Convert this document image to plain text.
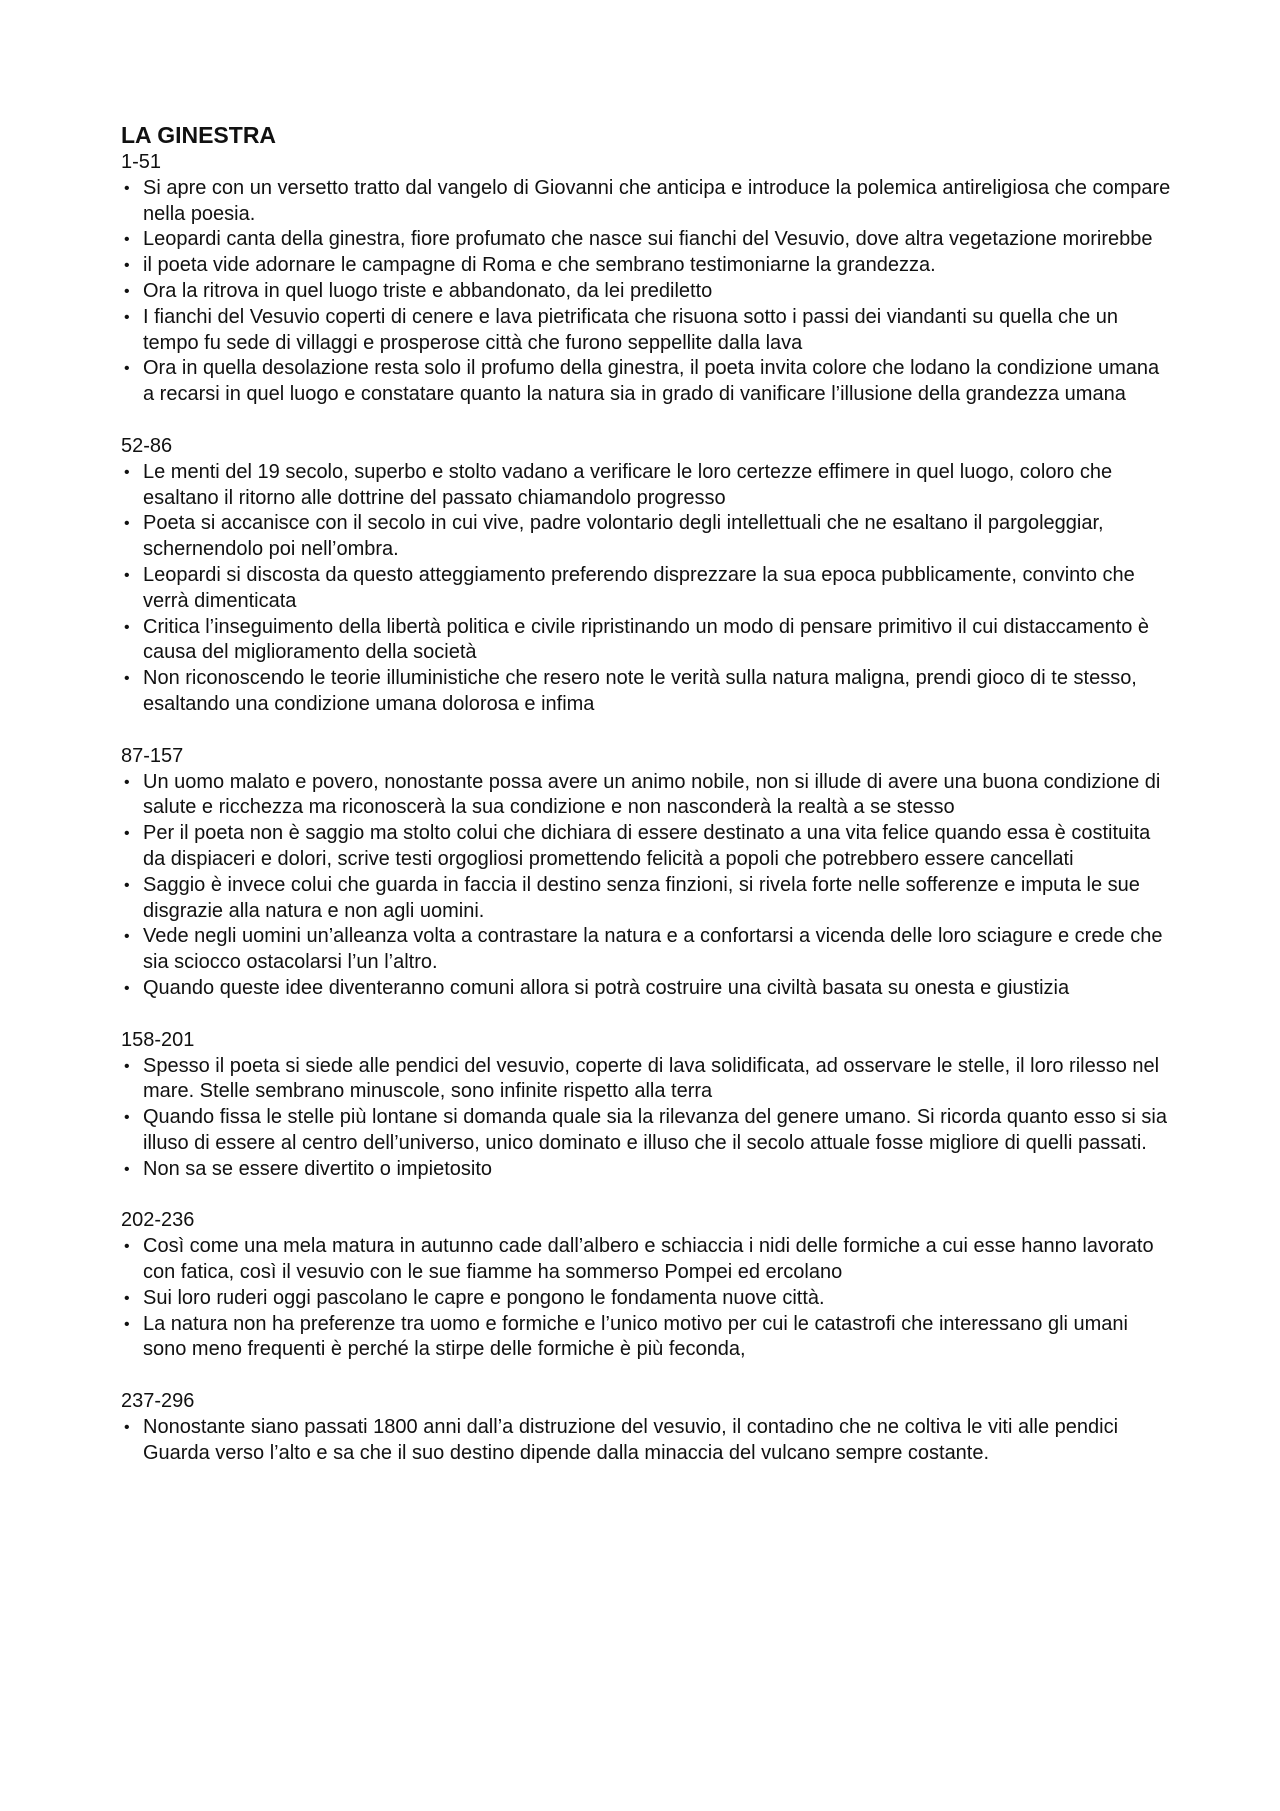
LA GINESTRA

1-51

• Si apre con un versetto tratto dal vangelo di Giovanni che anticipa e introduce la polemica antireligiosa che compare nella poesia.
• Leopardi canta della ginestra, fiore profumato che nasce sui fianchi del Vesuvio, dove altra vegetazione morirebbe
• il poeta vide adornare le campagne di Roma e che sembrano testimoniarne la grandezza.
• Ora la ritrova in quel luogo triste e abbandonato, da lei prediletto
• I fianchi del Vesuvio coperti di cenere e lava pietrificata che risuona sotto i passi dei viandanti su quella che un tempo fu sede di villaggi e prosperose città che furono seppellite dalla lava
• Ora in quella desolazione resta solo il profumo della ginestra, il poeta invita colore che lodano la condizione umana a recarsi in quel luogo e constatare quanto la natura sia in grado di vanificare l’illusione della grandezza umana

52-86

• Le menti del 19 secolo, superbo e stolto vadano a verificare le loro certezze effimere in quel luogo, coloro che esaltano il ritorno alle dottrine del passato chiamandolo progresso
• Poeta si accanisce con il secolo in cui vive, padre volontario degli intellettuali che ne esaltano il pargoleggiar, schernendolo poi nell’ombra.
• Leopardi si discosta da questo atteggiamento preferendo disprezzare la sua epoca pubblicamente, convinto che verrà dimenticata
• Critica l’inseguimento della libertà politica e civile ripristinando un modo di pensare primitivo il cui distaccamento è causa del miglioramento della società
• Non riconoscendo le teorie illuministiche che resero note le verità sulla natura maligna, prendi gioco di te stesso, esaltando una condizione umana dolorosa e infima

87-157

• Un uomo malato e povero, nonostante possa avere un animo nobile, non si illude di avere una buona condizione di salute e ricchezza ma riconoscerà la sua condizione e non nasconderà la realtà a se stesso
• Per il poeta non è saggio ma stolto colui che dichiara di essere destinato a una vita felice quando essa è costituita da dispiaceri e dolori, scrive testi orgogliosi promettendo felicità a popoli che potrebbero essere cancellati
• Saggio è invece colui che guarda in faccia il destino senza finzioni, si rivela forte nelle sofferenze e imputa le sue disgrazie alla natura e non agli uomini.
• Vede negli uomini un’alleanza volta a contrastare la natura e a confortarsi a vicenda delle loro sciagure e crede che sia sciocco ostacolarsi l’un l’altro.
• Quando queste idee diventeranno comuni allora si potrà costruire una civiltà basata su onesta e giustizia

158-201

• Spesso il poeta si siede alle pendici del vesuvio, coperte di lava solidificata, ad osservare le stelle, il loro rilesso nel mare. Stelle sembrano minuscole, sono infinite rispetto alla terra
• Quando fissa le stelle più lontane si domanda quale sia la rilevanza del genere umano. Si ricorda quanto esso si sia illuso di essere al centro dell’universo, unico dominato e illuso che il secolo attuale fosse migliore di quelli passati.
• Non sa se essere divertito o impietosito

202-236

• Così come una mela matura in autunno cade dall’albero e schiaccia i nidi delle formiche a cui esse hanno lavorato con fatica, così il vesuvio con le sue fiamme ha sommerso Pompei ed ercolano
• Sui loro ruderi oggi pascolano le capre e pongono le fondamenta nuove città.
• La natura non ha preferenze tra uomo e formiche e l’unico motivo per cui le catastrofi che interessano gli umani sono meno frequenti è perché la stirpe delle formiche è più feconda,

237-296

• Nonostante siano passati 1800 anni dall’a distruzione del vesuvio, il contadino che ne coltiva le viti alle pendici Guarda verso l’alto e sa che il suo destino dipende dalla minaccia del vulcano sempre costante.
